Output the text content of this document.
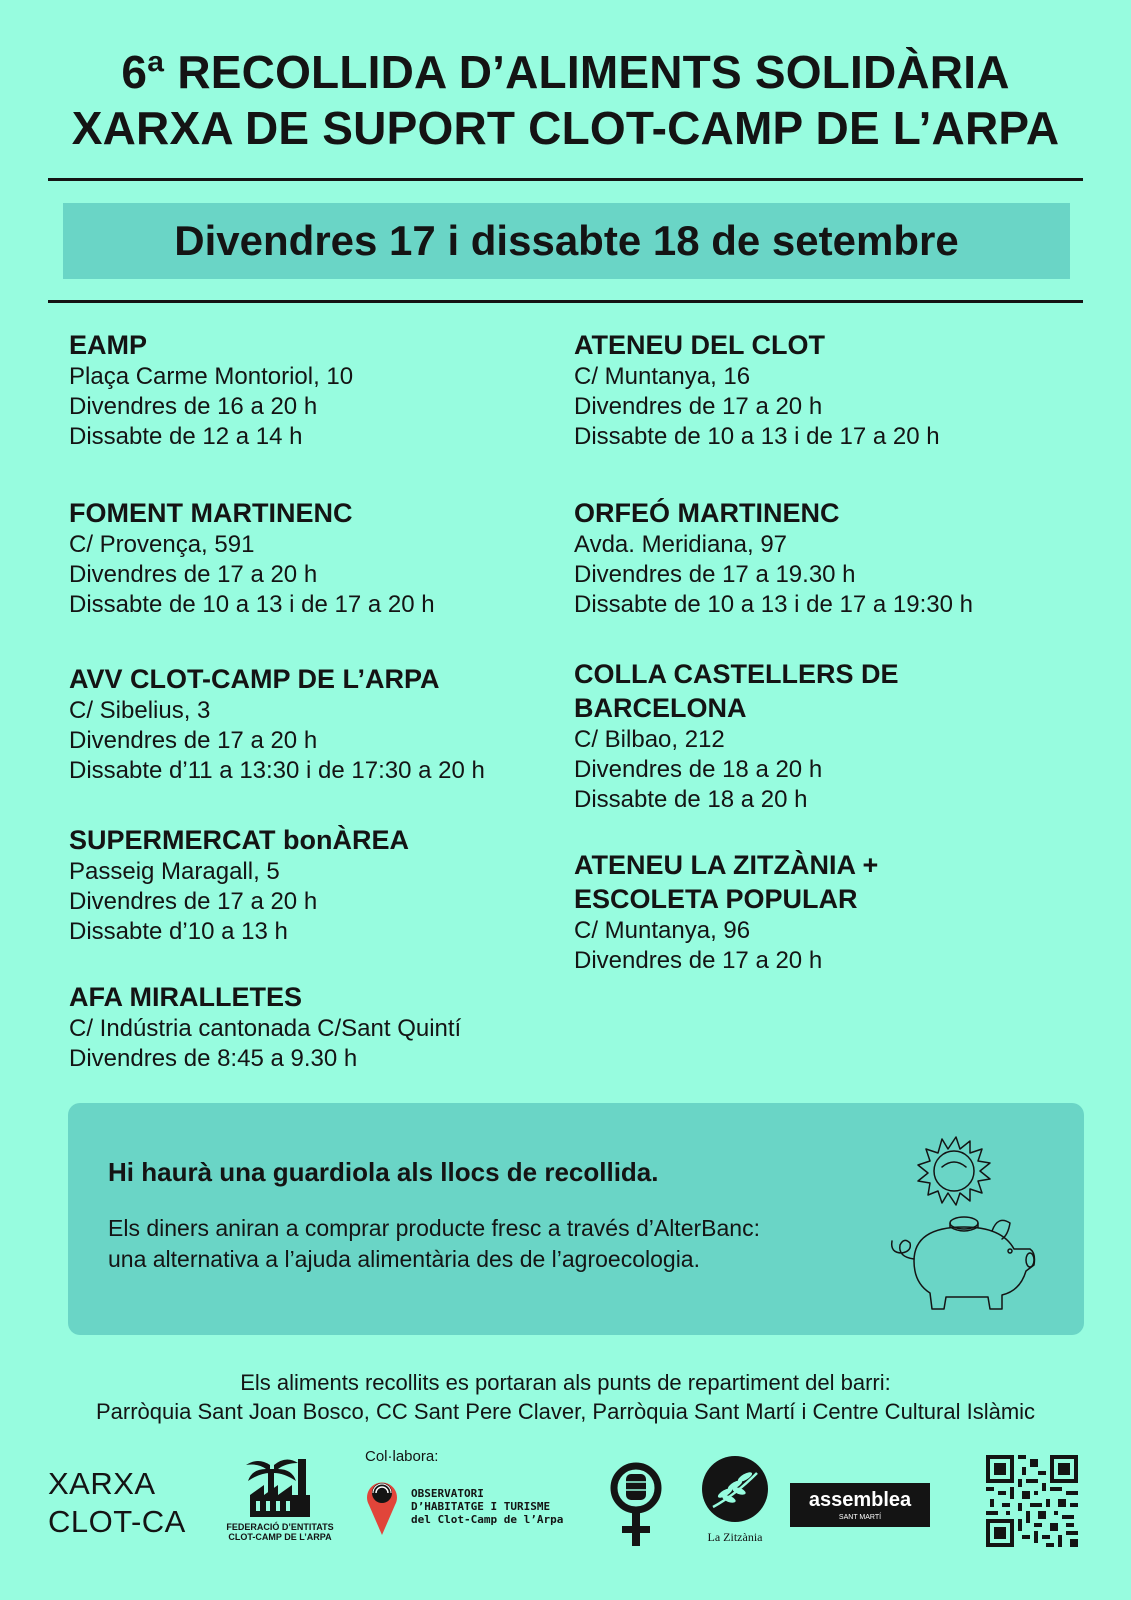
6ª RECOLLIDA D’ALIMENTS SOLIDÀRIA
XARXA DE SUPORT CLOT-CAMP DE L’ARPA
Divendres 17 i dissabte 18 de setembre
EAMP
Plaça Carme Montoriol, 10
Divendres de 16 a 20 h
Dissabte de 12 a 14 h
FOMENT MARTINENC
C/ Provença, 591
Divendres de 17 a 20 h
Dissabte de 10 a 13 i de 17 a 20 h
AVV CLOT-CAMP DE L’ARPA
C/ Sibelius, 3
Divendres de 17 a 20 h
Dissabte d’11 a 13:30 i de 17:30 a 20 h
SUPERMERCAT bonÀREA
Passeig Maragall, 5
Divendres de 17 a 20 h
Dissabte d’10 a 13 h
AFA MIRALLETES
C/ Indústria cantonada C/Sant Quintí
Divendres de 8:45 a 9.30 h
ATENEU DEL CLOT
C/ Muntanya, 16
Divendres de 17 a 20 h
Dissabte de 10 a 13 i de 17 a 20 h
ORFEÓ MARTINENC
Avda. Meridiana, 97
Divendres de 17 a 19.30 h
Dissabte de 10 a 13 i de 17 a 19:30 h
COLLA CASTELLERS DE
BARCELONA
C/ Bilbao, 212
Divendres de 18 a 20 h
Dissabte de 18 a 20 h
ATENEU LA ZITZÀNIA +
ESCOLETA POPULAR
C/ Muntanya, 96
Divendres de 17 a 20 h
Hi haurà una guardiola als llocs de recollida.
Els diners aniran a comprar producte fresc a través d’AlterBanc:
una alternativa a l’ajuda alimentària des de l’agroecologia.
Els aliments recollits es portaran als punts de repartiment del barri:
Parròquia Sant Joan Bosco, CC Sant Pere Claver, Parròquia Sant Martí i Centre Cultural Islàmic
XARXA
CLOT-CA	FEDERACIÓ D’ENTITATS
CLOT-CAMP DE L’ARPA
Col·labora:
OBSERVATORI
D’HABITATGE I TURISME
del Clot-Camp de l’Arpa
La Zitzània
assemblea
SANT MARTÍ
